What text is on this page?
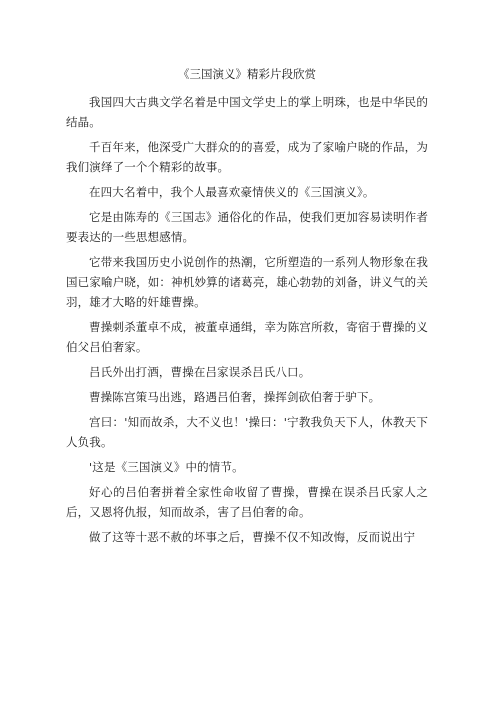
《三国演义》精彩片段欣赏
我国四大古典文学名着是中国文学史上的掌上明珠，也是中华民的结晶。
千百年来，他深受广大群众的的喜爱，成为了家喻户晓的作品，为我们演绎了一个个精彩的故事。
在四大名着中，我个人最喜欢豪情侠义的《三国演义》。
它是由陈寿的《三国志》通俗化的作品，使我们更加容易读明作者要表达的一些思想感情。
它带来我国历史小说创作的热潮，它所塑造的一系列人物形象在我国已家喻户晓，如：神机妙算的诸葛亮，雄心勃勃的刘备，讲义气的关羽，雄才大略的奸雄曹操。
曹操刺杀董卓不成，被董卓通缉，幸为陈宫所救，寄宿于曹操的义伯父吕伯奢家。
吕氏外出打酒，曹操在吕家误杀吕氏八口。
曹操陈宫策马出逃，路遇吕伯奢，操挥剑砍伯奢于驴下。
宫曰：'知而故杀，大不义也！'操曰：'宁教我负天下人，休教天下人负我。
'这是《三国演义》中的情节。
好心的吕伯奢拼着全家性命收留了曹操，曹操在误杀吕氏家人之后，又恩将仇报，知而故杀，害了吕伯奢的命。
做了这等十恶不赦的坏事之后，曹操不仅不知改悔，反而说出宁
